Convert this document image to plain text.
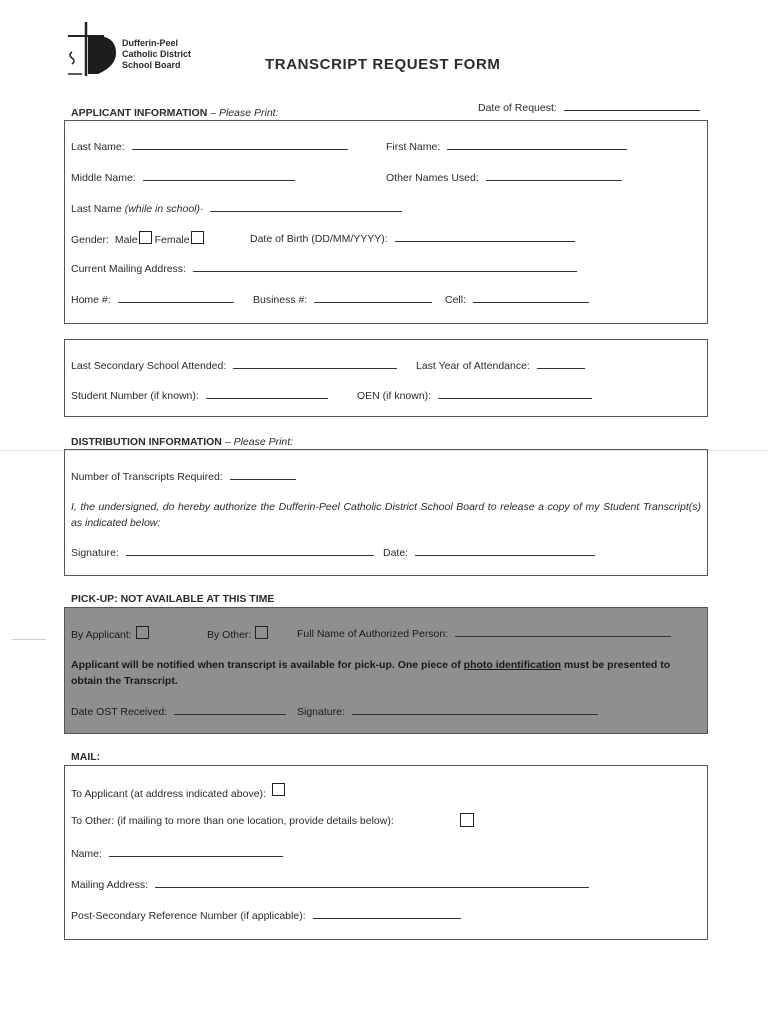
Dufferin-Peel
Catholic District
School Board	TRANSCRIPT REQUEST FORM
Date of Request:
APPLICANT INFORMATION – Please Print:
Last Name:	First Name:
Middle Name:	Other Names Used:
Last Name (while in school)·
Gender: Male Female	Date of Birth (DD/MM/YYYY):
Current Mailing Address:
Home #:	Business #:	Cell:
Last Secondary School Attended:	Last Year of Attendance:
Student Number (if known):	OEN (if known):
DISTRIBUTION INFORMATION – Please Print:
Number of Transcripts Required:
I, the undersigned, do hereby authorize the Dufferin-Peel Catholic District School Board to release a copy of my Student Transcript(s) as indicated below:
Signature:	Date:
PICK-UP: NOT AVAILABLE AT THIS TIME
By Applicant:	By Other:	Full Name of Authorized Person:
Applicant will be notified when transcript is available for pick-up. One piece of photo identification must be presented to obtain the Transcript.
Date OST Received:	Signature:
MAIL:
To Applicant (at address indicated above):
To Other: (if mailing to more than one location, provide details below):
Name:
Mailing Address:
Post-Secondary Reference Number (if applicable):
